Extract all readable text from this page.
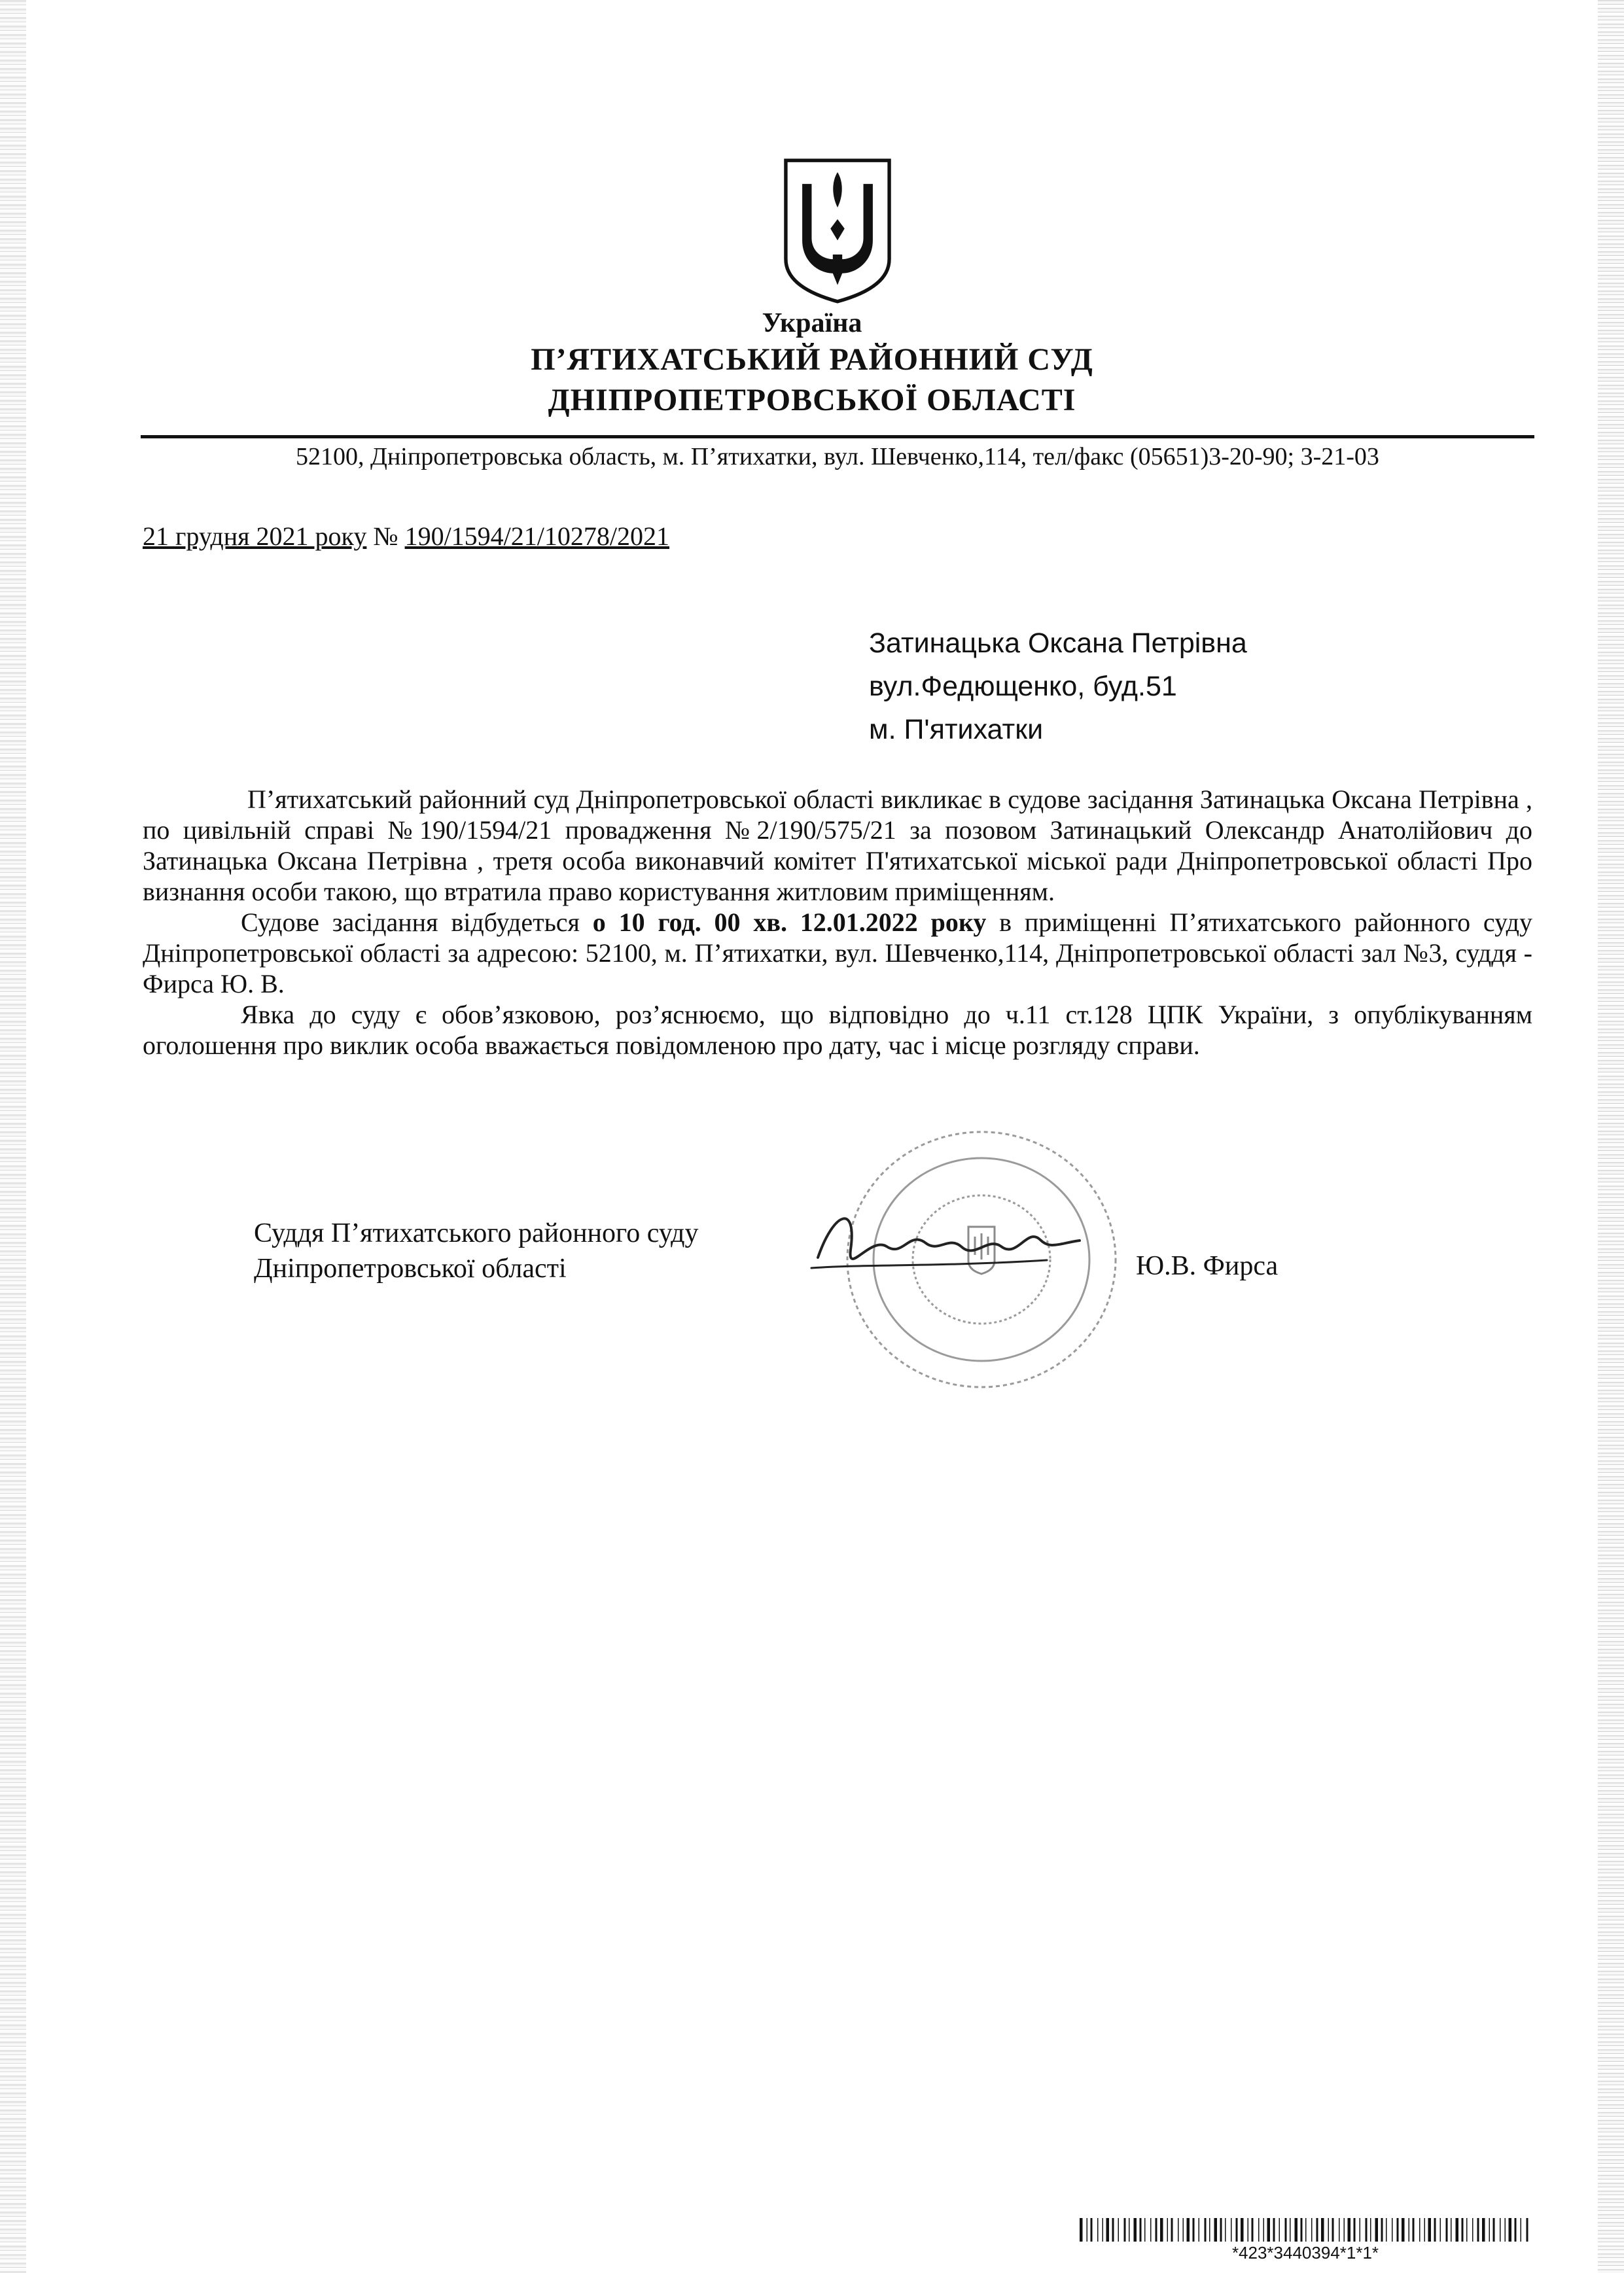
Україна
П’ЯТИХАТСЬКИЙ РАЙОННИЙ СУД
ДНІПРОПЕТРОВСЬКОЇ ОБЛАСТІ
52100, Дніпропетровська область, м. П’ятихатки, вул. Шевченко,114, тел/факс (05651)3-20-90; 3-21-03
21 грудня 2021 року № 190/1594/21/10278/2021
Затинацька Оксана Петрівна
вул.Федющенко, буд.51
м. П'ятихатки

П’ятихатський районний суд Дніпропетровської області викликає в судове засідання Затинацька Оксана Петрівна , по цивільній справі №190/1594/21 провадження №2/190/575/21 за позовом Затинацький Олександр Анатолійович до Затинацька Оксана Петрівна , третя особа виконавчий комітет П'ятихатської міської ради Дніпропетровської області Про визнання особи такою, що втратила право користування житловим приміщенням.

Судове засідання відбудеться о 10 год. 00 хв. 12.01.2022 року в приміщенні П’ятихатського районного суду Дніпропетровської області за адресою: 52100, м. П’ятихатки, вул. Шевченко,114, Дніпропетровської області зал №3, суддя - Фирса Ю. В.

Явка до суду є обов’язковою, роз’яснюємо, що відповідно до ч.11 ст.128 ЦПК України, з опублікуванням оголошення про виклик особа вважається повідомленою про дату, час і місце розгляду справи.

Суддя П’ятихатського районного суду
Дніпропетровської області	Ю.В. Фирса
*423*3440394*1*1*
